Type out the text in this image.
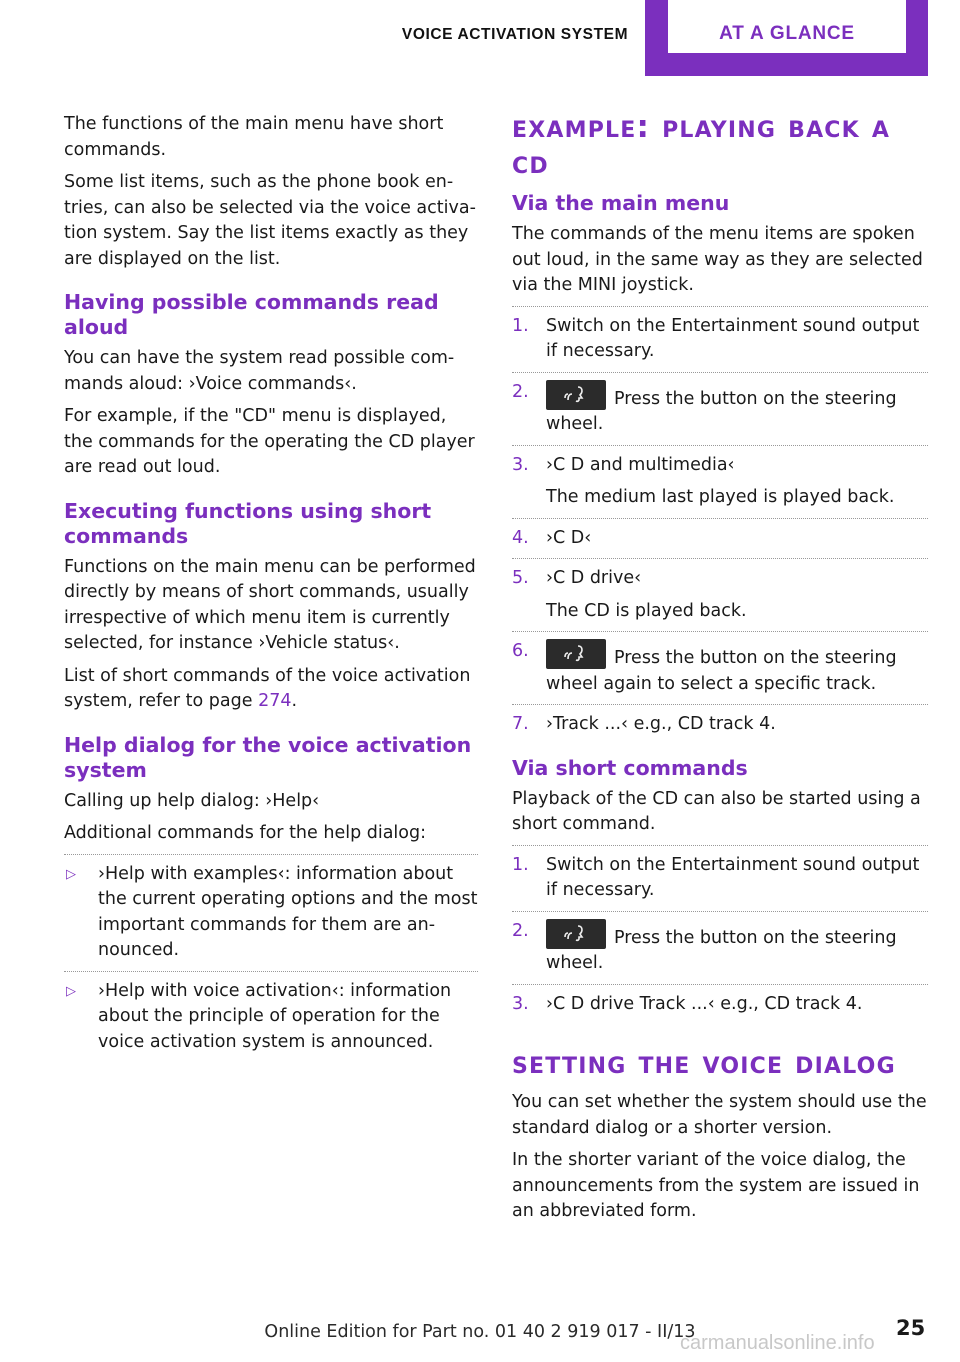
VOICE ACTIVATION SYSTEM	AT A GLANCE

The functions of the main menu have short commands.

Some list items, such as the phone book entries, can also be selected via the voice activation system. Say the list items exactly as they are displayed on the list.

Having possible commands read aloud

You can have the system read possible commands aloud: ›Voice commands‹.

For example, if the "CD" menu is displayed, the commands for the operating the CD player are read out loud.

Executing functions using short commands

Functions on the main menu can be performed directly by means of short commands, usually irrespective of which menu item is currently selected, for instance ›Vehicle status‹.

List of short commands of the voice activation system, refer to page 274.

Help dialog for the voice activation system

Calling up help dialog: ›Help‹

Additional commands for the help dialog:

▷ ›Help with examples‹: information about the current operating options and the most important commands for them are announced.
▷ ›Help with voice activation‹: information about the principle of operation for the voice activation system is announced.
example: playing back a cd
Via the main menu

The commands of the menu items are spoken out loud, in the same way as they are selected via the MINI joystick.

1. Switch on the Entertainment sound output if necessary.
2.	Press the button on the steering wheel.
3. ›C D and multimedia‹
The medium last played is played back.
4. ›C D‹
5. ›C D drive‹
The CD is played back.
6.	Press the button on the steering wheel again to select a specific track.
7. ›Track ...‹ e.g., CD track 4.
Via short commands

Playback of the CD can also be started using a short command.

1. Switch on the Entertainment sound output if necessary.
2.	Press the button on the steering wheel.
3. ›C D drive Track ...‹ e.g., CD track 4.
setting the voice dialog

You can set whether the system should use the standard dialog or a shorter version.

In the shorter variant of the voice dialog, the announcements from the system are issued in an abbreviated form.

Online Edition for Part no. 01 40 2 919 017 - II/13	25
carmanualsonline.info
